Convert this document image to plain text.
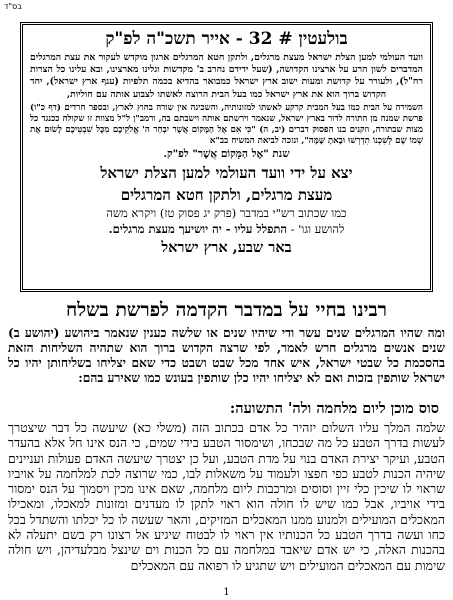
בס"ד
בולעטין # 32 - אייר תשכ"ה לפ"ק
וועד העולמי למען הצלת ישראל מעצת מרגלים, ולתקן חטא המרגלים ארגון מוקדש לעקור את עצת המרגלים המדברים לשון הרע על ארצינו הקדושה, (שעל ידידם נחרב ב' מקדשות וגלינו מארצינו, ובא עלינו כל הצרות רח"ל), ולעורר על קדושת ומעות ישוב ארץ ישראל כמבואר בהדיא בכמה תלפיות (ענף ארץ ישראל), יחד הקדוש ברוך הוא את ארץ ישראל כמו בעל הבית הרוצה לאשתו לצבוע אותה עם חוליות,
השמירה על הבית כמו בעל המבית קרקע לאשתו למזונותיה, והשכינה אין שורה בחוץ לארץ, ובספר חרדים (דף כ"ו) פרשת שמנה מן התורה לדור בארץ ישראל, שנאמר וירשתם אותה וישבתם בה, ורמב"ן ל"ל מצוות זו שקולה ככנגד כל מצות שבתורה, וזקנים בנו הפסוק דברים (יב, ה) "כִּי אִם אֶל הַמָּקוֹם אֲשֶׁר יִבְחַר ה' אֱלֹקֵיכֶם מִכָּל שִׁבְטֵיכֶם לָשׂוּם אֶת שְׁמוֹ שָׁם לְשִׁכְנוֹ תִדְרְשׁוּ וּבָאתָ שָּׁמָּה", ונזכה לביאת המשיח בב"א
שנת "אֶל הַמָּקוֹם אֲשֶׁר" לפ"ק.
יצא על ידי וועד העולמי למען הצלת ישראל
מעצת מרגלים, ולתקן חטא המרגלים
כמו שכתוב רש"י במדבר (פרק יג פסוק טז) ויקרא משה
להושע וגו' - התפלל עליו - יה יושיעך מעצת מרגלים.
באר שבע, ארץ ישראל
רבינו בחיי על במדבר הקדמה לפרשת בשלח
ומה שהיו המרגלים שנים עשר ודי שיהיו שנים או שלשה כענין שנאמר ביהושע (יהושע ב) שנים אנשים מרגלים חרש לאמר, לפי שרצה הקדוש ברוך הוא שתהיה השליחות הזאת בהסכמת כל שבטי ישראל, איש אחד מכל שבט ושבט כדי שאם יצליחו בשליחותן יהיו כל ישראל שותפין בזכות ואם לא יצליחו יהיו כלן שותפין בעונש כמו שאירע בהם:
סוס מוכן ליום מלחמה ולה' התשועה:
שלמה המלך עליו השלום יזהיר כל אדם בכתוב הזה (משלי כא) שיעשה כל דבר שיצטרך לעשות בדרך הטבע כל מה שבכחו, ושימסור הטבע בידי שמים, כי הנס אינו חל אלא בהעדר הטבע, ועיקר יצירת האדם בנוי על מדת הטבע, ועל כן יצטרך שיעשה האדם פעולות ועניינים שיהיה הכנות לטבע כפי חפצו ולעמוד על משאלות לבו, כמי שרוצה לכת למלחמה על אויביו שראוי לו שיכין כלי זיין וסוסים ומרכבות ליום מלחמה, שאם אינו מכין ויסמוך על הנס ימסור בידי אויביו, אבל כמו שיש לו חולה הוא ראוי לתקן לו מעדנים ומזונות למאכלו, ומאכילו המאכלים המועילים ולמנוע ממנו המאכלים המזיקים, והאר שעשה לו כל יכלתו והשתדל בכל כחו ועשה בדרך הטבע כל הכנותיו אין ראוי לו לבטוח שיגיע אל רצונו רק בשם יתעלה לא בהכנות האלה, כי יש אדם שיאבד במלחמה עם כל הכנות וים שינצל מבלעדיהן, ויש חולה שימות עם המאכלים המועילים ויש שתגיע לו רפואה עם המאכלים
1
